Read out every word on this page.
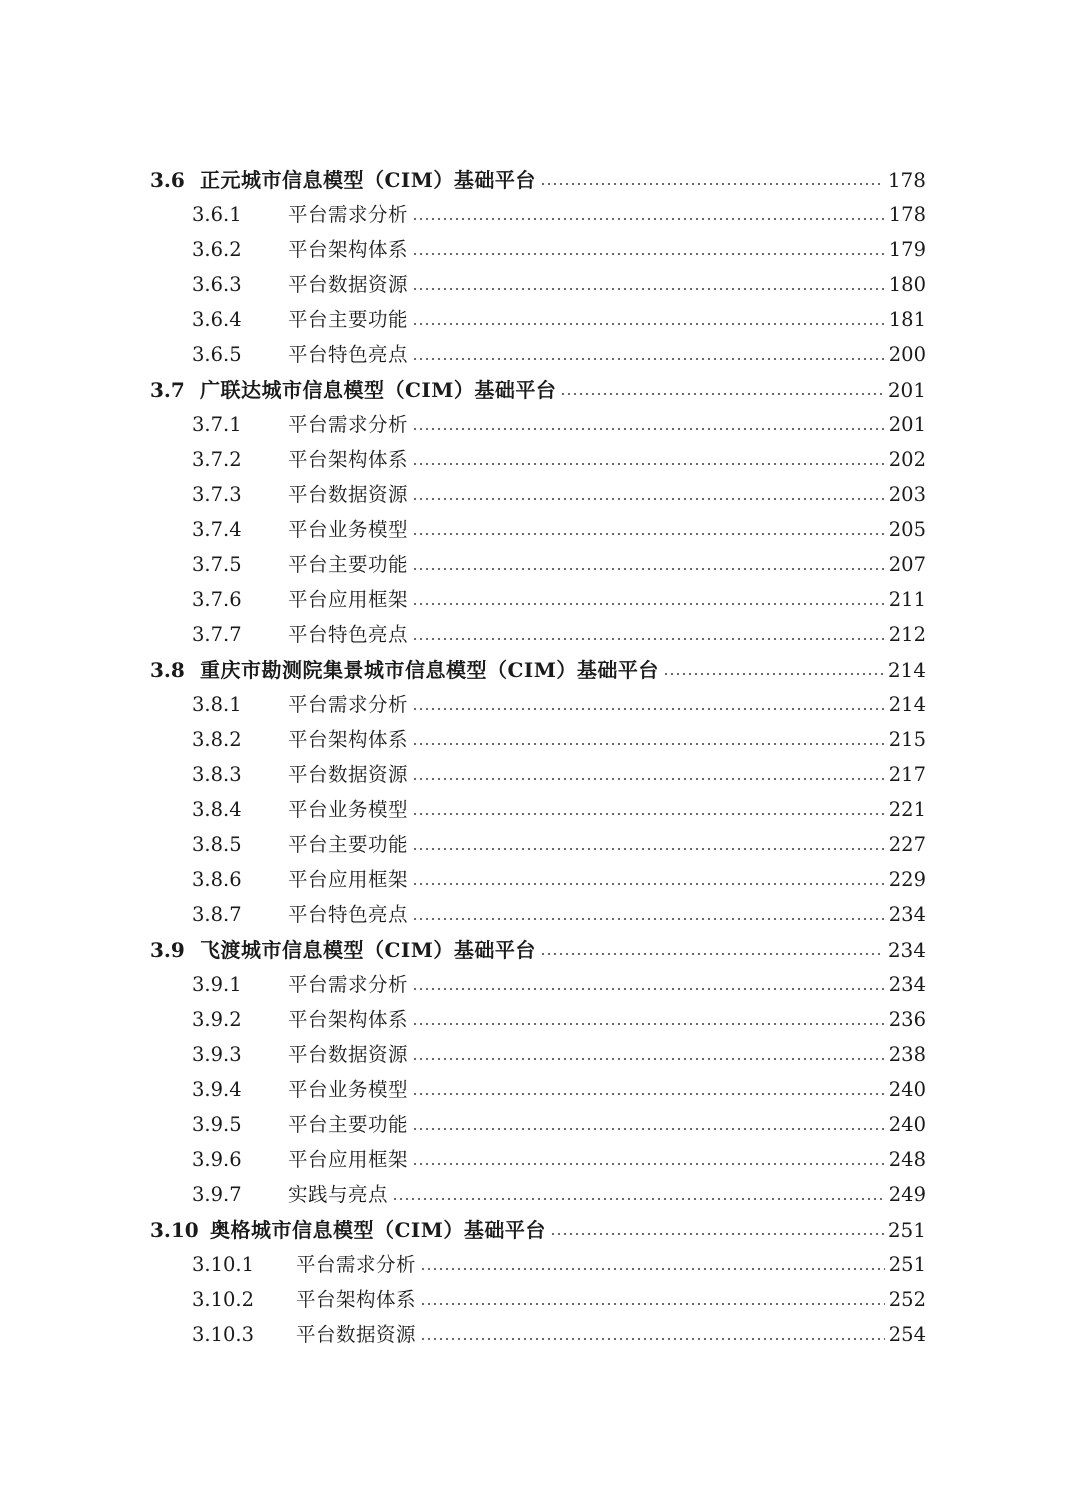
3.6 正元城市信息模型（CIM）基础平台	178
3.6.1	平台需求分析	178
3.6.2	平台架构体系	179
3.6.3	平台数据资源	180
3.6.4	平台主要功能	181
3.6.5	平台特色亮点	200
3.7 广联达城市信息模型（CIM）基础平台	201
3.7.1	平台需求分析	201
3.7.2	平台架构体系	202
3.7.3	平台数据资源	203
3.7.4	平台业务模型	205
3.7.5	平台主要功能	207
3.7.6	平台应用框架	211
3.7.7	平台特色亮点	212
3.8 重庆市勘测院集景城市信息模型（CIM）基础平台	214
3.8.1	平台需求分析	214
3.8.2	平台架构体系	215
3.8.3	平台数据资源	217
3.8.4	平台业务模型	221
3.8.5	平台主要功能	227
3.8.6	平台应用框架	229
3.8.7	平台特色亮点	234
3.9 飞渡城市信息模型（CIM）基础平台	234
3.9.1	平台需求分析	234
3.9.2	平台架构体系	236
3.9.3	平台数据资源	238
3.9.4	平台业务模型	240
3.9.5	平台主要功能	240
3.9.6	平台应用框架	248
3.9.7	实践与亮点	249
3.10 奥格城市信息模型（CIM）基础平台	251
3.10.1	平台需求分析	251
3.10.2	平台架构体系	252
3.10.3	平台数据资源	254
